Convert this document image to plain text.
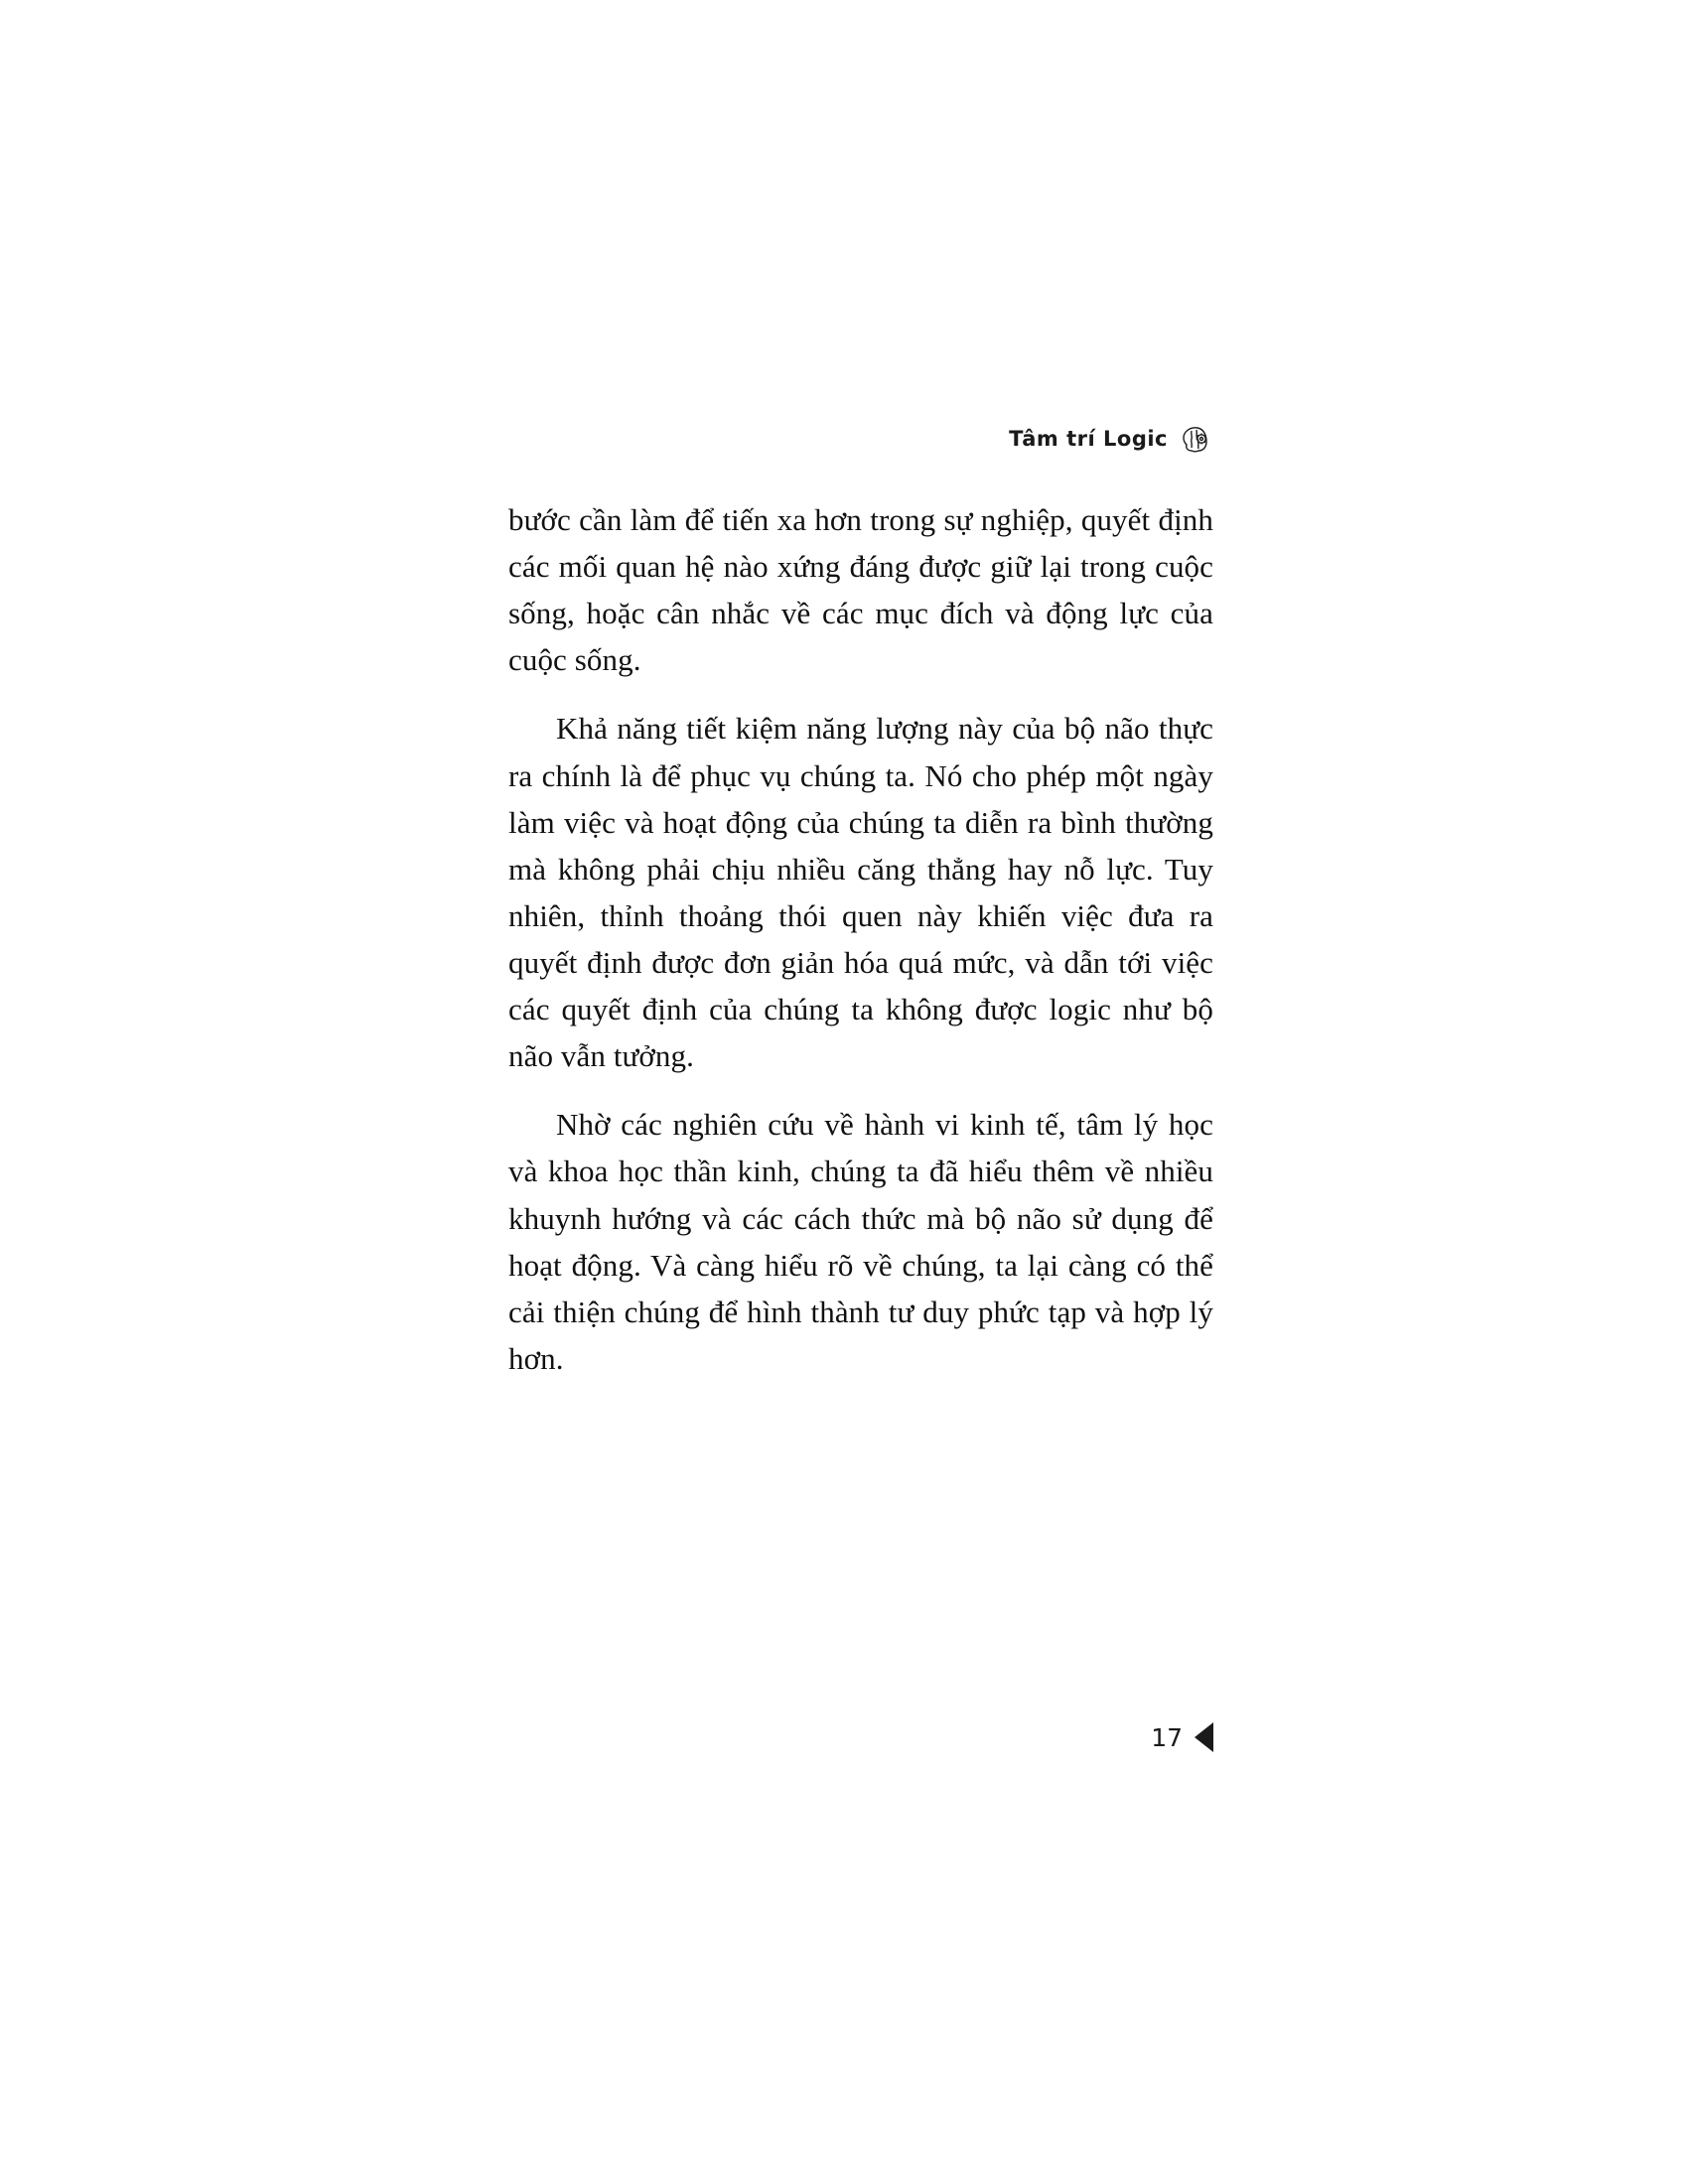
Tâm trí Logic

bước cần làm để tiến xa hơn trong sự nghiệp, quyết định các mối quan hệ nào xứng đáng được giữ lại trong cuộc sống, hoặc cân nhắc về các mục đích và động lực của cuộc sống.

Khả năng tiết kiệm năng lượng này của bộ não thực ra chính là để phục vụ chúng ta. Nó cho phép một ngày làm việc và hoạt động của chúng ta diễn ra bình thường mà không phải chịu nhiều căng thẳng hay nỗ lực. Tuy nhiên, thỉnh thoảng thói quen này khiến việc đưa ra quyết định được đơn giản hóa quá mức, và dẫn tới việc các quyết định của chúng ta không được logic như bộ não vẫn tưởng.

Nhờ các nghiên cứu về hành vi kinh tế, tâm lý học và khoa học thần kinh, chúng ta đã hiểu thêm về nhiều khuynh hướng và các cách thức mà bộ não sử dụng để hoạt động. Và càng hiểu rõ về chúng, ta lại càng có thể cải thiện chúng để hình thành tư duy phức tạp và hợp lý hơn.

17
